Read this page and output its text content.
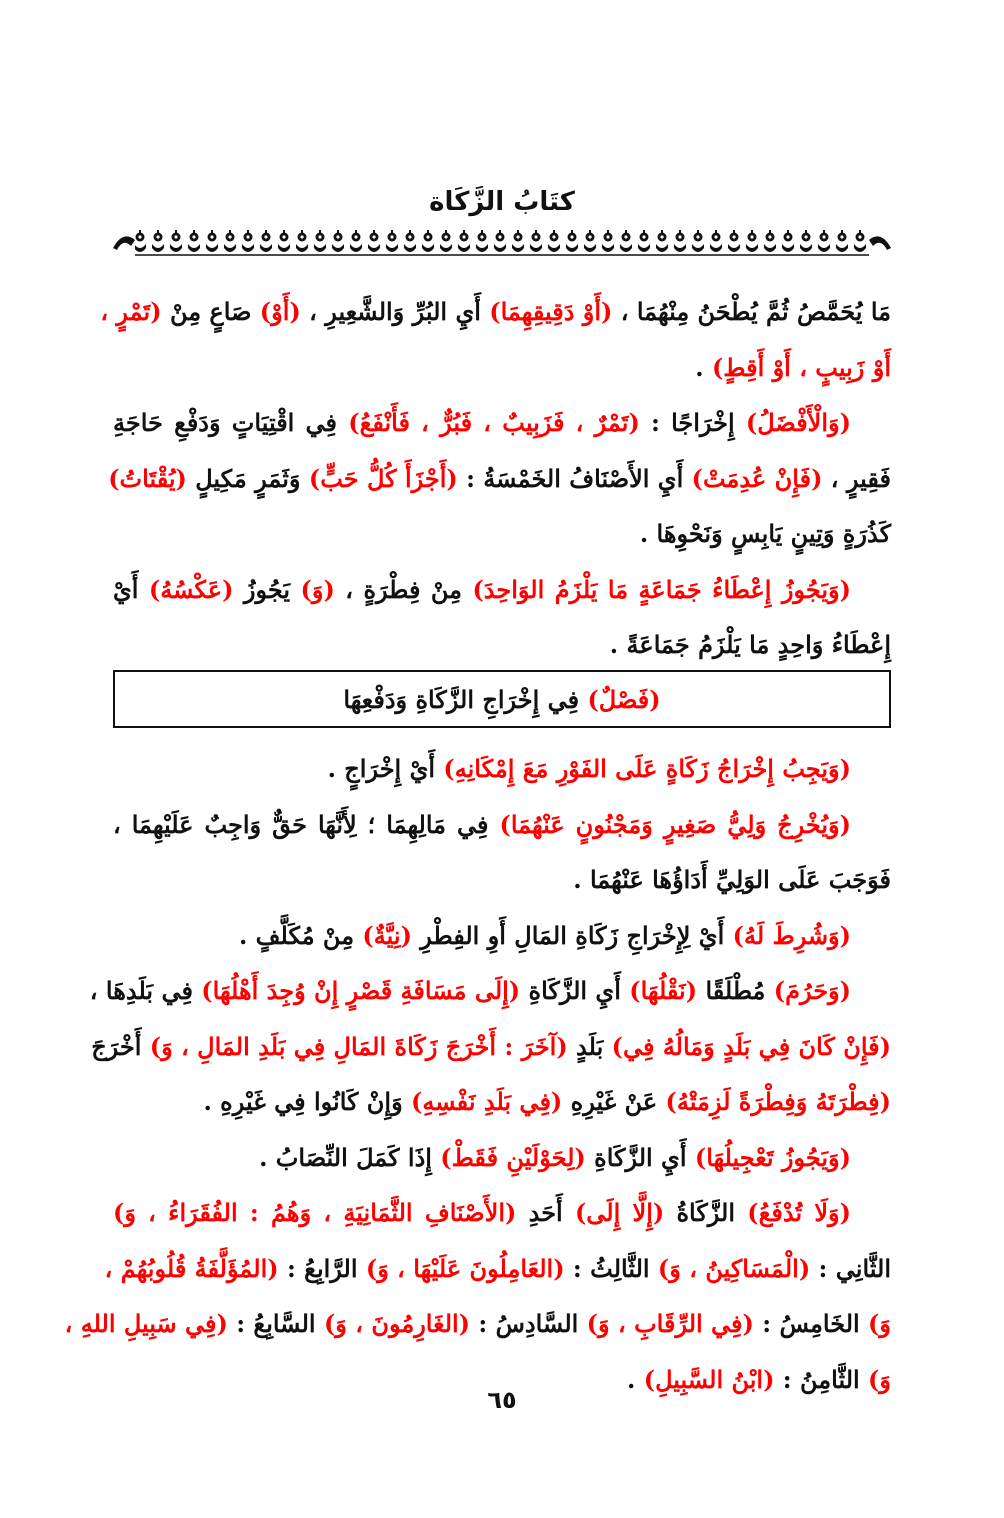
كتَابُ الزَّكَاة
مَا يُحَمَّصُ ثُمَّ يُطْحَنُ مِنْهُمَا ، (أَوْ دَقِيقِهِمَا) أَيِ البُرِّ وَالشَّعِيرِ ، (أَوْ) صَاعٍ مِنْ (تَمْرٍ ،
أَوْ زَبِيبٍ ، أَوْ أَقِطٍ) .
(وَالْأَفْضَلُ) إِخْرَاجًا : (تَمْرٌ ، فَزَبِيبٌ ، فَبُرٌّ ، فَأَنْفَعُ) فِي اقْتِيَاتٍ وَدَفْعِ حَاجَةِ
فَقِيرٍ ، (فَإِنْ عُدِمَتْ) أَيِ الأَصْنَافُ الخَمْسَةُ : (أَجْزَأَ كُلُّ حَبٍّ) وَثَمَرٍ مَكِيلٍ (يُقْتَاتُ)
كَذُرَةٍ وَتِينٍ يَابِسٍ وَنَحْوِهَا .
(وَيَجُوزُ إِعْطَاءُ جَمَاعَةٍ مَا يَلْزَمُ الوَاحِدَ) مِنْ فِطْرَةٍ ، (وَ) يَجُوزُ (عَكْسُهُ) أَيْ
إِعْطَاءُ وَاحِدٍ مَا يَلْزَمُ جَمَاعَةً .
(فَصْلٌ)
فِي إِخْرَاجِ الزَّكَاةِ وَدَفْعِهَا
(وَيَجِبُ إِخْرَاجُ زَكَاةٍ عَلَى الفَوْرِ مَعَ إِمْكَانِهِ) أَيْ إِخْرَاجٍ .
(وَيُخْرِجُ وَلِيُّ صَغِيرٍ وَمَجْنُونٍ عَنْهُمَا) فِي مَالِهِمَا ؛ لِأَنَّهَا حَقٌّ وَاجِبٌ عَلَيْهِمَا ،
فَوَجَبَ عَلَى الوَلِيِّ أَدَاؤُهَا عَنْهُمَا .
(وَشُرِطَ لَهُ) أَيْ لِإِخْرَاجِ زَكَاةِ المَالِ أَوِ الفِطْرِ (نِيَّةٌ) مِنْ مُكَلَّفٍ .
(وَحَرُمَ) مُطْلَقًا (نَقْلُهَا) أَيِ الزَّكَاةِ (إِلَى مَسَافَةِ قَصْرٍ إِنْ وُجِدَ أَهْلُهَا) فِي بَلَدِهَا ،
(فَإِنْ كَانَ فِي بَلَدٍ وَمَالُهُ فِي) بَلَدٍ (آخَرَ : أَخْرَجَ زَكَاةَ المَالِ فِي بَلَدِ المَالِ ، وَ) أَخْرَجَ
(فِطْرَتَهُ وَفِطْرَةً لَزِمَتْهُ) عَنْ غَيْرِهِ (فِي بَلَدِ نَفْسِهِ) وَإِنْ كَانُوا فِي غَيْرِهِ .
(وَيَجُوزُ تَعْجِيلُهَا) أَيِ الزَّكَاةِ (لِحَوْلَيْنِ فَقَطْ) إِذَا كَمَلَ النِّصَابُ .
(وَلَا تُدْفَعُ) الزَّكَاةُ (إِلَّا إِلَى) أَحَدِ (الأَصْنَافِ الثَّمَانِيَةِ ، وَهُمُ : الفُقَرَاءُ ، وَ)
الثَّانِي : (الْمَسَاكِينُ ، وَ) الثَّالِثُ : (العَامِلُونَ عَلَيْهَا ، وَ) الرَّابِعُ : (المُؤَلَّفَةُ قُلُوبُهُمْ ،
وَ) الخَامِسُ : (فِي الرِّقَابِ ، وَ) السَّادِسُ : (الغَارِمُونَ ، وَ) السَّابِعُ : (فِي سَبِيلِ اللهِ ،
وَ) الثَّامِنُ : (ابْنُ السَّبِيلِ) .
٦٥
